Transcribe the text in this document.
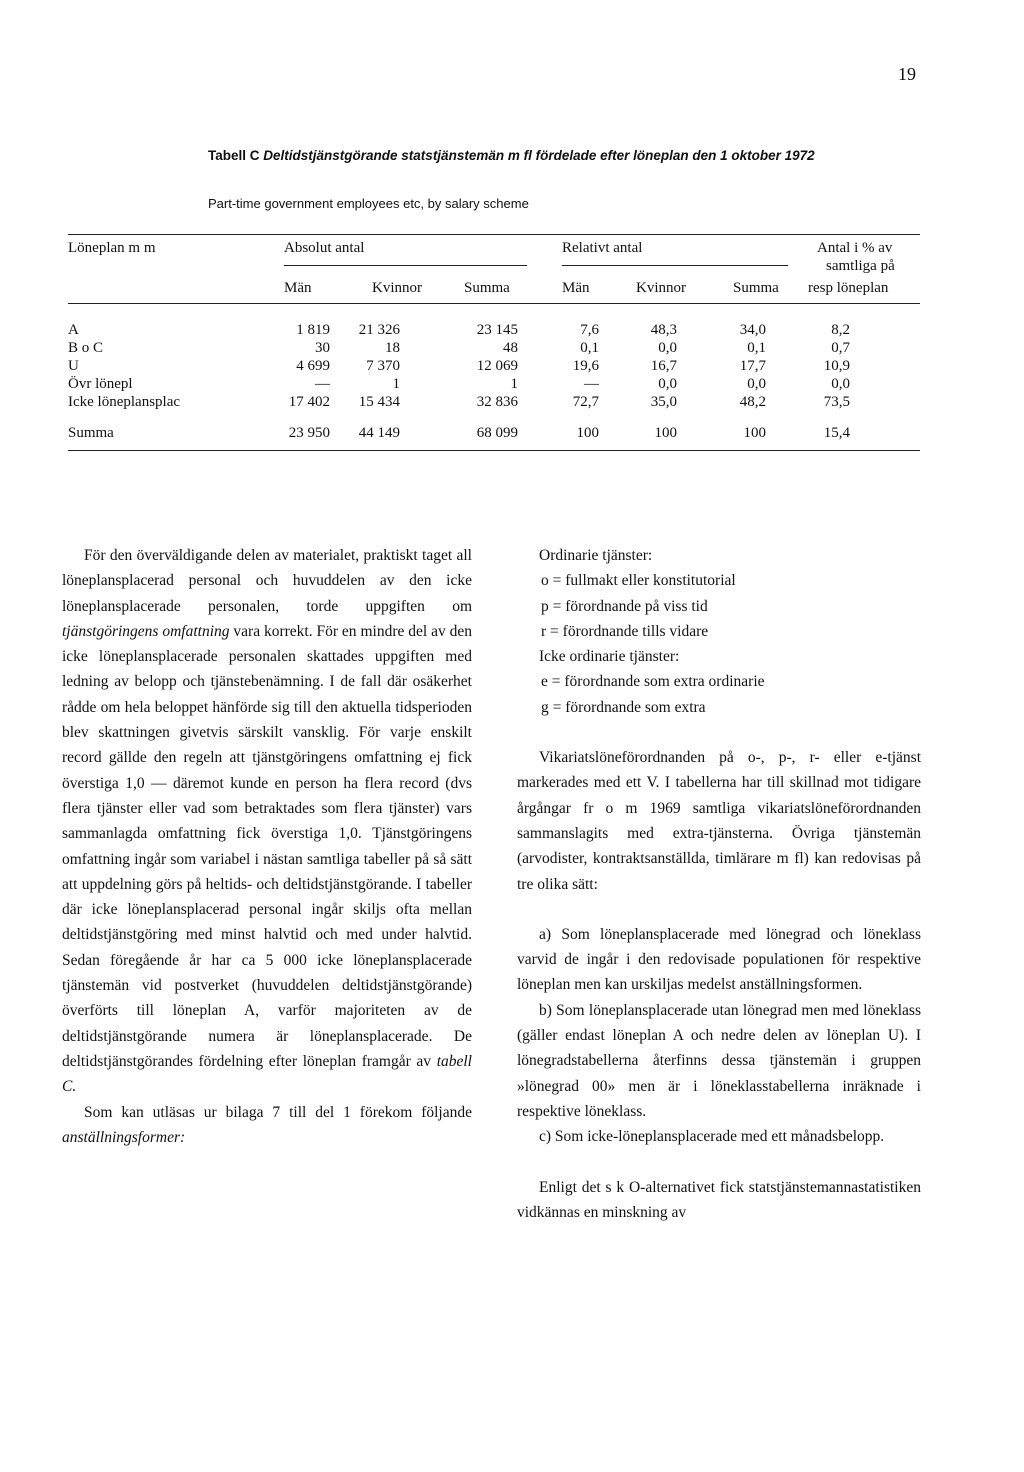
19
Tabell C Deltidstjänstgörande statstjänstemän m fl fördelade efter löneplan den 1 oktober 1972
Part-time government employees etc, by salary scheme
Löneplan m m	Absolut antal	Relativt antal	Antal i % av
samtliga på
resp löneplan
Män	Kvinnor	Summa	Män	Kvinnor	Summa
A	1 819	21 326	23 145	7,6	48,3	34,0	8,2
B o C	30	18	48	0,1	0,0	0,1	0,7
U	4 699	7 370	12 069	19,6	16,7	17,7	10,9
Övr lönepl	—	1	1	—	0,0	0,0	0,0
Icke löneplansplac	17 402	15 434	32 836	72,7	35,0	48,2	73,5
Summa	23 950	44 149	68 099	100	100	100	15,4

För den överväldigande delen av materialet, praktiskt taget all löneplansplacerad personal och huvuddelen av den icke löneplansplacerade personalen, torde uppgiften om tjänstgöringens omfattning vara korrekt. För en mindre del av den icke löneplansplacerade personalen skattades uppgiften med ledning av belopp och tjänstebenämning. I de fall där osäkerhet rådde om hela beloppet hänförde sig till den aktuella tidsperioden blev skattningen givetvis särskilt vansklig. För varje enskilt record gällde den regeln att tjänstgöringens omfattning ej fick överstiga 1,0 — däremot kunde en person ha flera record (dvs flera tjänster eller vad som betraktades som flera tjänster) vars sammanlagda omfattning fick överstiga 1,0. Tjänstgöringens omfattning ingår som variabel i nästan samtliga tabeller på så sätt att uppdelning görs på heltids- och deltidstjänstgörande. I tabeller där icke löneplansplacerad personal ingår skiljs ofta mellan deltidstjänstgöring med minst halvtid och med under halvtid. Sedan föregående år har ca 5 000 icke löneplansplacerade tjänstemän vid postverket (huvuddelen deltidstjänstgörande) överförts till löneplan A, varför majoriteten av de deltidstjänstgörande numera är löneplansplacerade. De deltidstjänstgörandes fördelning efter löneplan framgår av tabell C.

Som kan utläsas ur bilaga 7 till del 1 förekom följande anställningsformer:

Ordinarie tjänster:

o = fullmakt eller konstitutorial

p = förordnande på viss tid

r = förordnande tills vidare

Icke ordinarie tjänster:

e = förordnande som extra ordinarie

g = förordnande som extra

Vikariatslöneförordnanden på o-, p-, r- eller e-tjänst markerades med ett V. I tabellerna har till skillnad mot tidigare årgångar fr o m 1969 samtliga vikariatslöneförordnanden sammanslagits med extra-tjänsterna. Övriga tjänstemän (arvodister, kontraktsanställda, timlärare m fl) kan redovisas på tre olika sätt:

a) Som löneplansplacerade med lönegrad och löneklass varvid de ingår i den redovisade populationen för respektive löneplan men kan urskiljas medelst anställningsformen.

b) Som löneplansplacerade utan lönegrad men med löneklass (gäller endast löneplan A och nedre delen av löneplan U). I lönegradstabellerna återfinns dessa tjänstemän i gruppen »lönegrad 00» men är i löneklasstabellerna inräknade i respektive löneklass.

c) Som icke-löneplansplacerade med ett månadsbelopp.

Enligt det s k O-alternativet fick statstjänstemannastatistiken vidkännas en minskning av
